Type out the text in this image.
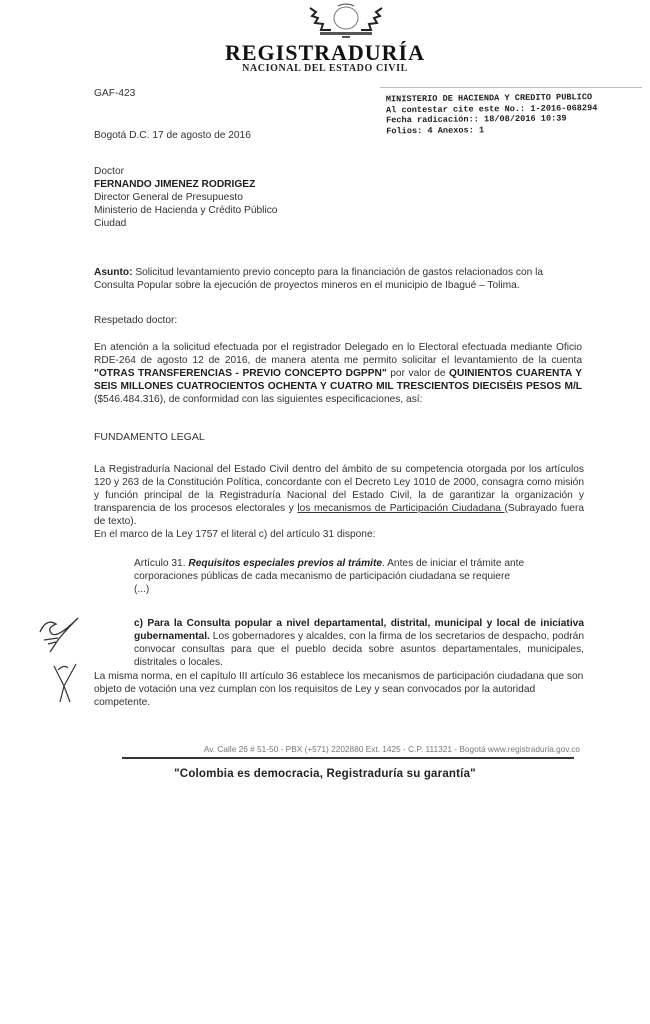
REGISTRADURÍA
NACIONAL DEL ESTADO CIVIL
MINISTERIO DE HACIENDA Y CREDITO PUBLICO
Al contestar cite este No.: 1-2016-068294
Fecha radicación:: 18/08/2016 10:39
Folios: 4 Anexos: 1
GAF-423
Bogotá D.C. 17 de agosto de 2016
Doctor
FERNANDO JIMENEZ RODRIGEZ
Director General de Presupuesto
Ministerio de Hacienda y Crédito Público
Ciudad
Asunto: Solicitud levantamiento previo concepto para la financiación de gastos relacionados con la Consulta Popular sobre la ejecución de proyectos mineros en el municipio de Ibagué – Tolima.
Respetado doctor:
En atención a la solicitud efectuada por el registrador Delegado en lo Electoral efectuada mediante Oficio RDE-264 de agosto 12 de 2016, de manera atenta me permito solicitar el levantamiento de la cuenta "OTRAS TRANSFERENCIAS - PREVIO CONCEPTO DGPPN" por valor de QUINIENTOS CUARENTA Y SEIS MILLONES CUATROCIENTOS OCHENTA Y CUATRO MIL TRESCIENTOS DIECISÉIS PESOS M/L ($546.484.316), de conformidad con las siguientes especificaciones, así:
FUNDAMENTO LEGAL
La Registraduría Nacional del Estado Civil dentro del ámbito de su competencia otorgada por los artículos 120 y 263 de la Constitución Política, concordante con el Decreto Ley 1010 de 2000, consagra como misión y función principal de la Registraduría Nacional del Estado Civil, la de garantizar la organización y transparencia de los procesos electorales y los mecanismos de Participación Ciudadana (Subrayado fuera de texto).
En el marco de la Ley 1757 el literal c) del artículo 31 dispone:
Artículo 31. Requisitos especiales previos al trámite. Antes de iniciar el trámite ante corporaciones públicas de cada mecanismo de participación ciudadana se requiere
(...)
c) Para la Consulta popular a nivel departamental, distrital, municipal y local de iniciativa gubernamental. Los gobernadores y alcaldes, con la firma de los secretarios de despacho, podrán convocar consultas para que el pueblo decida sobre asuntos departamentales, municipales, distritales o locales.
La misma norma, en el capítulo III artículo 36 establece los mecanismos de participación ciudadana que son objeto de votación una vez cumplan con los requisitos de Ley y sean convocados por la autoridad competente.
Av. Calle 26 # 51-50 - PBX (+571) 2202880 Ext. 1425 - C.P. 111321 - Bogotá www.registraduria.gov.co
"Colombia es democracia, Registraduría su garantía"
